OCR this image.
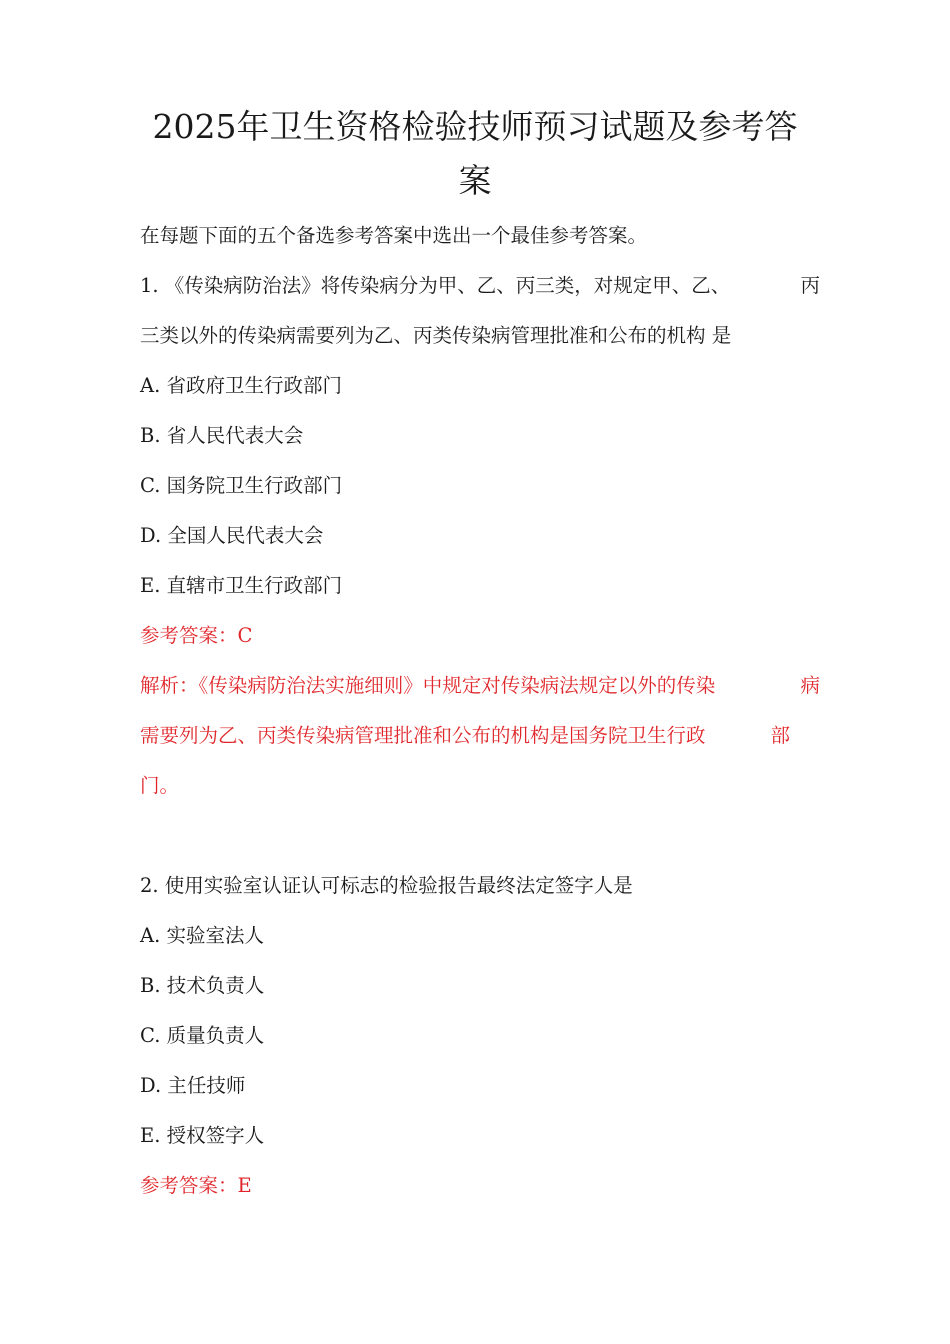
2025年卫生资格检验技师预习试题及参考答
案

在每题下面的五个备选参考答案中选出一个最佳参考答案。

1. 《传染病防治法》将传染病分为甲、乙、丙三类，对规定甲、乙、	丙

三类以外的传染病需要列为乙、丙类传染病管理批准和公布的机构 是

A. 省政府卫生行政部门

B. 省人民代表大会

C. 国务院卫生行政部门

D. 全国人民代表大会

E. 直辖市卫生行政部门

参考答案：C

解析：《传染病防治法实施细则》中规定对传染病法规定以外的传染	病

需要列为乙、丙类传染病管理批准和公布的机构是国务院卫生行政	部

门。

2. 使用实验室认证认可标志的检验报告最终法定签字人是

A. 实验室法人

B. 技术负责人

C. 质量负责人

D. 主任技师

E. 授权签字人

参考答案：E
